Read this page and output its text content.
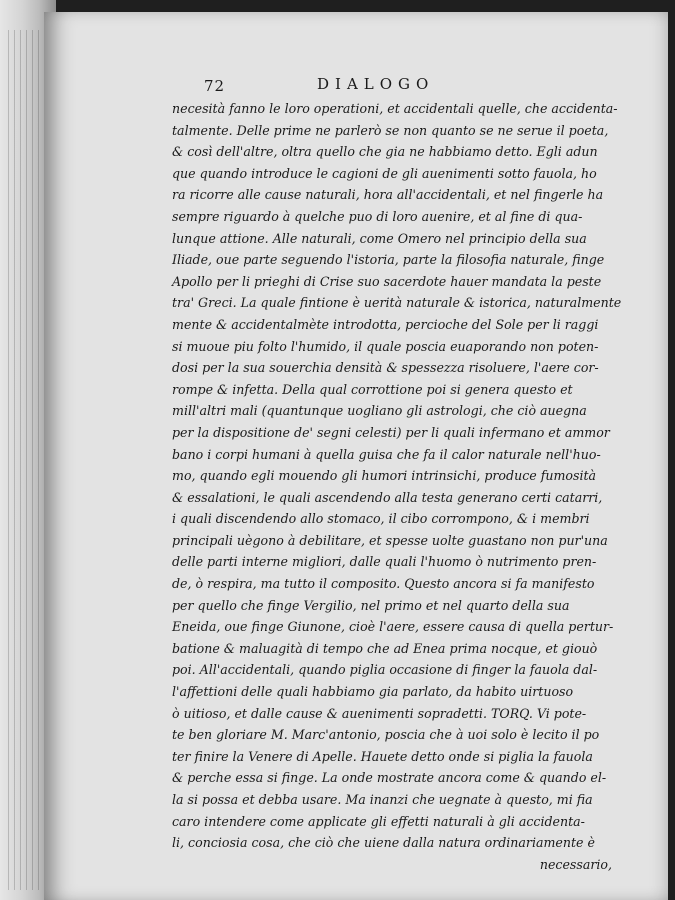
72	DIALOGO
necesità fanno le loro operationi, et accidentali quelle, che accidenta-
talmente. Delle prime ne parlerò se non quanto se ne serue il poeta,
& così dell'altre, oltra quello che gia ne habbiamo detto. Egli adun
que quando introduce le cagioni de gli auenimenti sotto fauola, ho
ra ricorre alle cause naturali, hora all'accidentali, et nel fingerle ha
sempre riguardo à quelche puo di loro auenire, et al fine di qua-
lunque attione. Alle naturali, come Omero nel principio della sua
Iliade, oue parte seguendo l'istoria, parte la filosofia naturale, finge
Apollo per li prieghi di Crise suo sacerdote hauer mandata la peste
tra' Greci. La quale fintione è uerità naturale & istorica, naturalmente
mente & accidentalmète introdotta, percioche del Sole per li raggi
si muoue piu folto l'humido, il quale poscia euaporando non poten-
dosi per la sua souerchia densità & spessezza risoluere, l'aere cor-
rompe & infetta. Della qual corrottione poi si genera questo et
mill'altri mali (quantunque uogliano gli astrologi, che ciò auegna
per la dispositione de' segni celesti) per li quali infermano et ammor
bano i corpi humani à quella guisa che fa il calor naturale nell'huo-
mo, quando egli mouendo gli humori intrinsichi, produce fumosità
& essalationi, le quali ascendendo alla testa generano certi catarri,
i quali discendendo allo stomaco, il cibo corrompono, & i membri
principali uègono à debilitare, et spesse uolte guastano non pur'una
delle parti interne migliori, dalle quali l'huomo ò nutrimento pren-
de, ò respira, ma tutto il composito. Questo ancora si fa manifesto
per quello che finge Vergilio, nel primo et nel quarto della sua
Eneida, oue finge Giunone, cioè l'aere, essere causa di quella pertur-
batione & maluagità di tempo che ad Enea prima nocque, et giouò
poi. All'accidentali, quando piglia occasione di finger la fauola dal-
l'affettioni delle quali habbiamo gia parlato, da habito uirtuoso
ò uitioso, et dalle cause & auenimenti sopradetti. TORQ. Vi pote-
te ben gloriare M. Marc'antonio, poscia che à uoi solo è lecito il po
ter finire la Venere di Apelle. Hauete detto onde si piglia la fauola
& perche essa si finge. La onde mostrate ancora come & quando el-
la si possa et debba usare. Ma inanzi che uegnate à questo, mi fia
caro intendere come applicate gli effetti naturali à gli accidenta-
li, conciosia cosa, che ciò che uiene dalla natura ordinariamente è
necessario,
